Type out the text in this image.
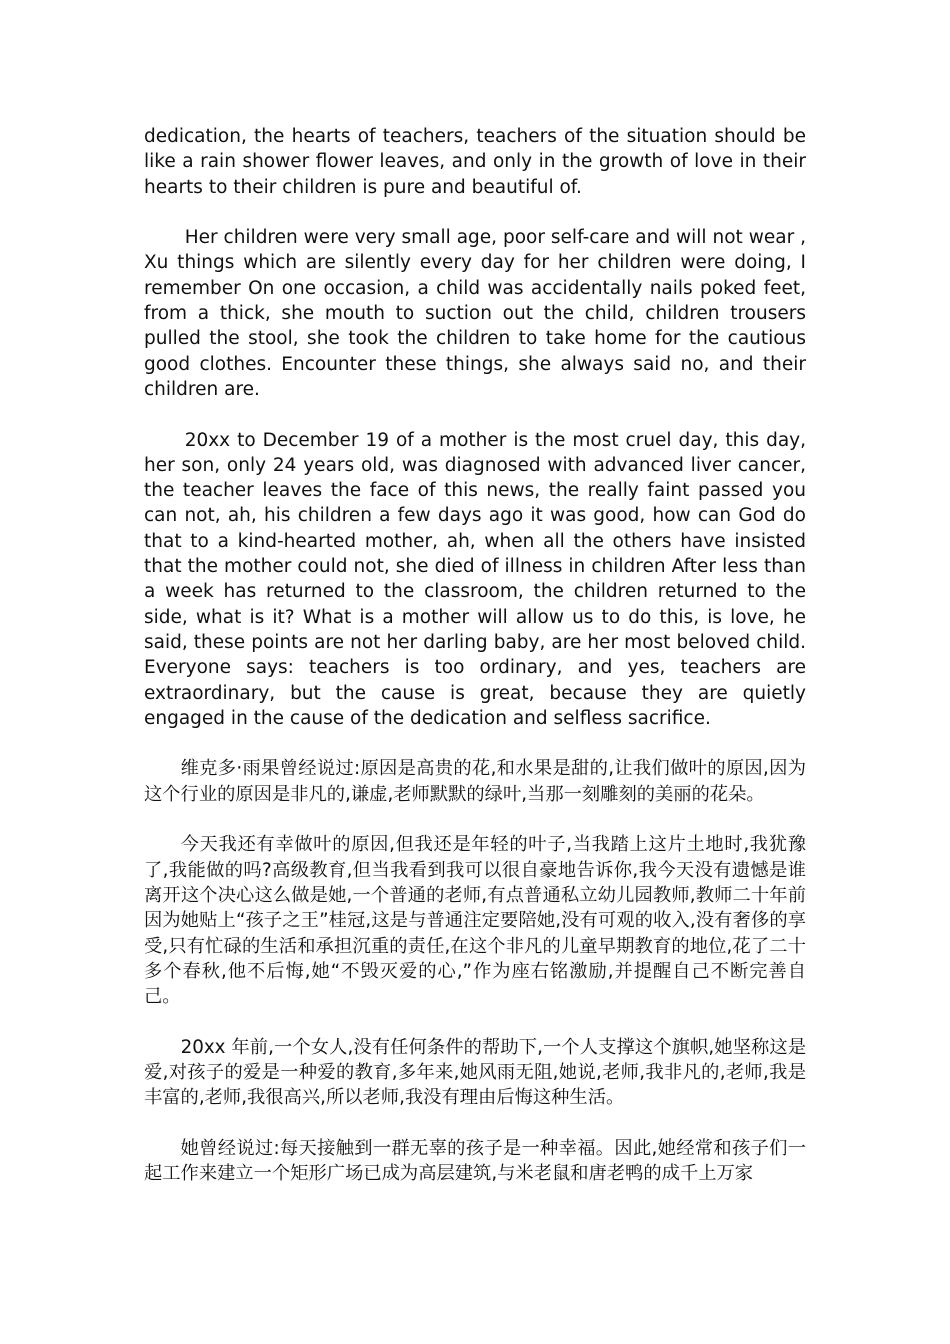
dedication, the hearts of teachers, teachers of the situation should be like a rain shower flower leaves, and only in the growth of love in their hearts to their children is pure and beautiful of.

Her children were very small age, poor self-care and will not wear , Xu things which are silently every day for her children were doing, I remember On one occasion, a child was accidentally nails poked feet, from a thick, she mouth to suction out the child, children trousers pulled the stool, she took the children to take home for the cautious good clothes. Encounter these things, she always said no, and their children are.

20xx to December 19 of a mother is the most cruel day, this day, her son, only 24 years old, was diagnosed with advanced liver cancer, the teacher leaves the face of this news, the really faint passed you can not, ah, his children a few days ago it was good, how can God do that to a kind-hearted mother, ah, when all the others have insisted that the mother could not, she died of illness in children After less than a week has returned to the classroom, the children returned to the side, what is it? What is a mother will allow us to do this, is love, he said, these points are not her darling baby, are her most beloved child. Everyone says: teachers is too ordinary, and yes, teachers are extraordinary, but the cause is great, because they are quietly engaged in the cause of the dedication and selfless sacrifice.

维克多·雨果曾经说过:原因是高贵的花,和水果是甜的,让我们做叶的原因,因为这个行业的原因是非凡的,谦虚,老师默默的绿叶,当那一刻雕刻的美丽的花朵。

今天我还有幸做叶的原因,但我还是年轻的叶子,当我踏上这片土地时,我犹豫了,我能做的吗?高级教育,但当我看到我可以很自豪地告诉你,我今天没有遗憾是谁离开这个决心这么做是她,一个普通的老师,有点普通私立幼儿园教师,教师二十年前因为她贴上“孩子之王”桂冠,这是与普通注定要陪她,没有可观的收入,没有奢侈的享受,只有忙碌的生活和承担沉重的责任,在这个非凡的儿童早期教育的地位,花了二十多个春秋,他不后悔,她“不毁灭爱的心,”作为座右铭激励,并提醒自己不断完善自己。

20xx 年前,一个女人,没有任何条件的帮助下,一个人支撑这个旗帜,她坚称这是爱,对孩子的爱是一种爱的教育,多年来,她风雨无阻,她说,老师,我非凡的,老师,我是丰富的,老师,我很高兴,所以老师,我没有理由后悔这种生活。

她曾经说过:每天接触到一群无辜的孩子是一种幸福。因此,她经常和孩子们一起工作来建立一个矩形广场已成为高层建筑,与米老鼠和唐老鸭的成千上万家
